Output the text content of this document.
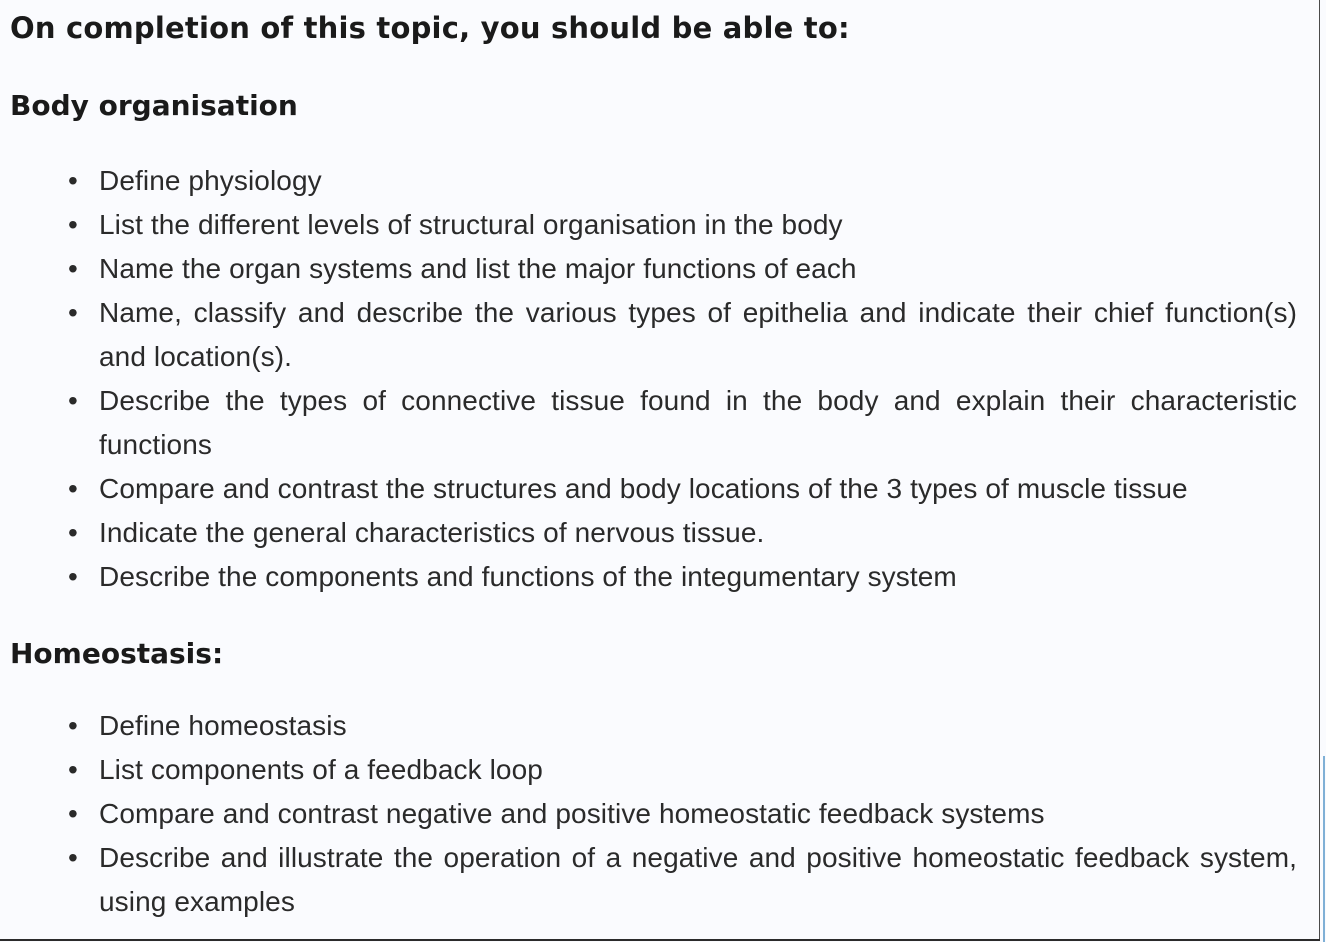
On completion of this topic, you should be able to:
Body organisation
• Define physiology
• List the different levels of structural organisation in the body
• Name the organ systems and list the major functions of each
• Name, classify and describe the various types of epithelia and indicate their chief function(s) and location(s).
• Describe the types of connective tissue found in the body and explain their characteristic functions
• Compare and contrast the structures and body locations of the 3 types of muscle tissue
• Indicate the general characteristics of nervous tissue.
• Describe the components and functions of the integumentary system
Homeostasis:
• Define homeostasis
• List components of a feedback loop
• Compare and contrast negative and positive homeostatic feedback systems
• Describe and illustrate the operation of a negative and positive homeostatic feedback system, using examples
